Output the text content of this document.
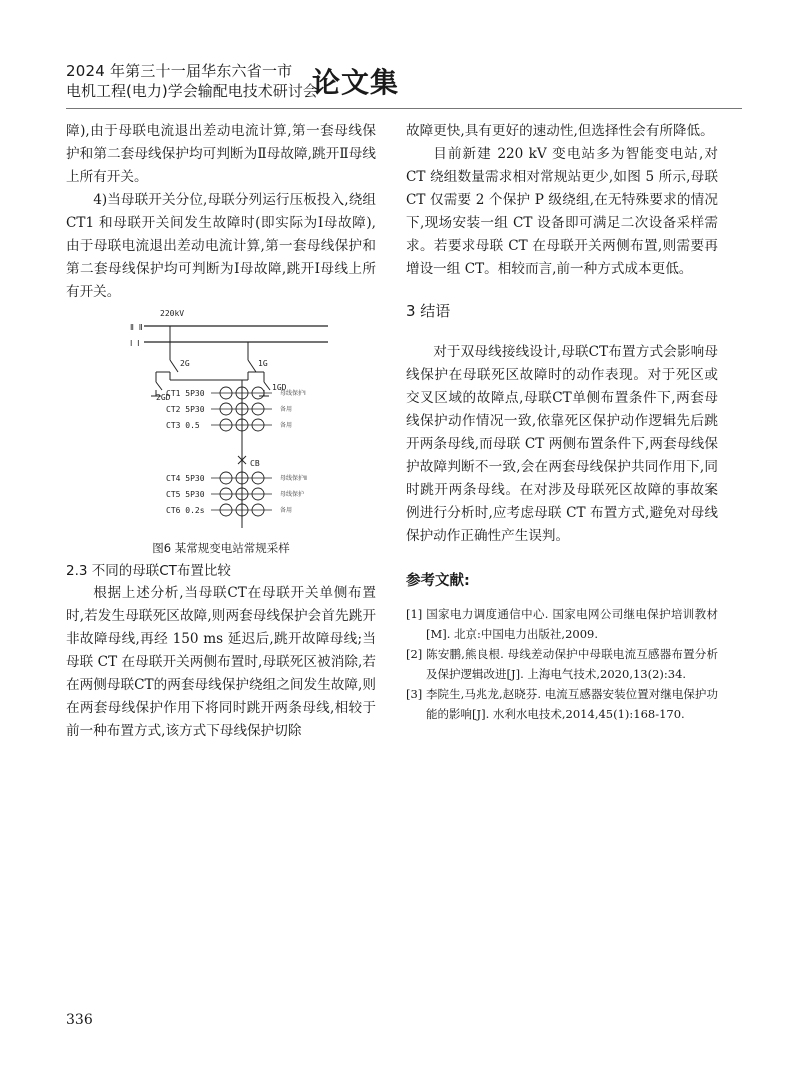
2024 年第三十一届华东六省一市
电机工程(电力)学会输配电技术研讨会
论文集

障),由于母联电流退出差动电流计算,第一套母线保护和第二套母线保护均可判断为Ⅱ母故障,跳开Ⅱ母线上所有开关。

4)当母联开关分位,母联分列运行压板投入,绕组 CT1 和母联开关间发生故障时(即实际为Ⅰ母故障),由于母联电流退出差动电流计算,第一套母线保护和第二套母线保护均可判断为Ⅰ母故障,跳开Ⅰ母线上所有开关。

220kV
Ⅱ Ⅱ
Ⅰ Ⅰ
2G
2GD
1G
1GD
CB
CT1 5P30	母线保护Ⅰ
CT2 5P30	备用
CT3 0.5	备用
CT4 5P30	母线保护Ⅱ
CT5 5P30	母线保护
CT6 0.2s	备用
图6 某常规变电站常规采样
2.3 不同的母联CT布置比较

根据上述分析,当母联CT在母联开关单侧布置时,若发生母联死区故障,则两套母线保护会首先跳开非故障母线,再经 150 ms 延迟后,跳开故障母线;当母联 CT 在母联开关两侧布置时,母联死区被消除,若在两侧母联CT的两套母线保护绕组之间发生故障,则在两套母线保护作用下将同时跳开两条母线,相较于前一种布置方式,该方式下母线保护切除

故障更快,具有更好的速动性,但选择性会有所降低。

目前新建 220 kV 变电站多为智能变电站,对 CT 绕组数量需求相对常规站更少,如图 5 所示,母联 CT 仅需要 2 个保护 P 级绕组,在无特殊要求的情况下,现场安装一组 CT 设备即可满足二次设备采样需求。若要求母联 CT 在母联开关两侧布置,则需要再增设一组 CT。相较而言,前一种方式成本更低。

3 结语

对于双母线接线设计,母联CT布置方式会影响母线保护在母联死区故障时的动作表现。对于死区或交叉区域的故障点,母联CT单侧布置条件下,两套母线保护动作情况一致,依靠死区保护动作逻辑先后跳开两条母线,而母联 CT 两侧布置条件下,两套母线保护故障判断不一致,会在两套母线保护共同作用下,同时跳开两条母线。在对涉及母联死区故障的事故案例进行分析时,应考虑母联 CT 布置方式,避免对母线保护动作正确性产生误判。

参考文献:
[1] 国家电力调度通信中心. 国家电网公司继电保护培训教材[M]. 北京:中国电力出版社,2009.
[2] 陈安鹏,熊良根. 母线差动保护中母联电流互感器布置分析及保护逻辑改进[J]. 上海电气技术,2020,13(2):34.
[3] 李院生,马兆龙,赵晓芬. 电流互感器安装位置对继电保护功能的影响[J]. 水利水电技术,2014,45(1):168-170.
336
